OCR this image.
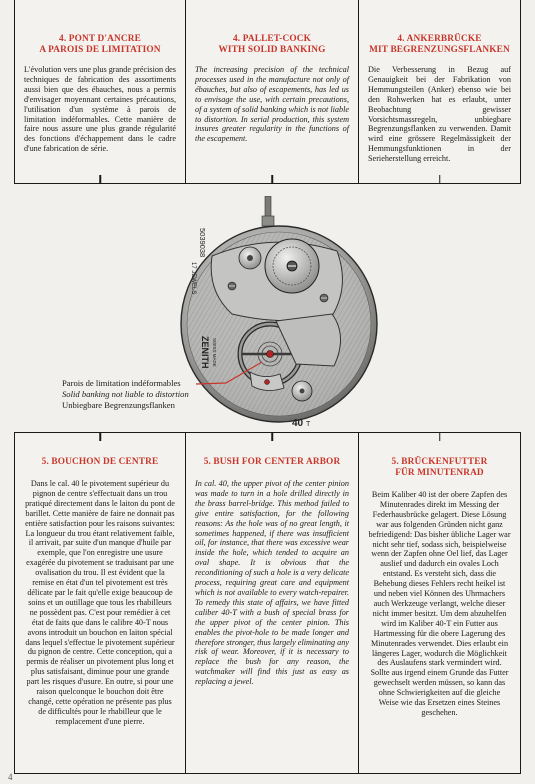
4. PONT D'ANCRE
A PAROIS DE LIMITATION
L'évolution vers une plus grande précision des techniques de fabrication des assortiments aussi bien que des ébauches, nous a permis d'envisager moyennant certaines précautions, l'utilisation d'un système à parois de limitation indéformables. Cette manière de faire nous assure une plus grande régularité des fonctions d'échappement dans le cadre d'une fabrication de série.
4. PALLET-COCK
WITH SOLID BANKING
The increasing precision of the technical processes used in the manufacture not only of ébauches, but also of escapements, has led us to envisage the use, with certain precautions, of a system of solid banking which is not liable to distortion. In serial production, this system insures greater regularity in the functions of the escapement.
4. ANKERBRÜCKE
MIT BEGRENZUNGSFLANKEN
Die Verbesserung in Bezug auf Genauigkeit bei der Fabrikation von Hemmungsteilen (Anker) ebenso wie bei den Rohwerken hat es erlaubt, unter Beobachtung gewisser Vorsichtsmassregeln, unbiegbare Begrenzungsflanken zu verwenden. Damit wird eine grössere Regelmässigkeit der Hemmungsfunktionen in der Serieherstellung erreicht.
ZENITH SWISS MADE
17 JEWELS
5039038
40 T
Parois de limitation indéformables
Solid banking not liable to distortion
Unbiegbare Begrenzungsflanken
5. BOUCHON DE CENTRE
Dans le cal. 40 le pivotement supérieur du pignon de centre s'effectuait dans un trou pratiqué directement dans le laiton du pont de barillet. Cette manière de faire ne donnait pas entière satisfaction pour les raisons suivantes: La longueur du trou étant relativement faible, il arrivait, par suite d'un manque d'huile par exemple, que l'on enregistre une usure exagérée du pivotement se traduisant par une ovalisation du trou. Il est évident que la remise en état d'un tel pivotement est très délicate par le fait qu'elle exige beaucoup de soins et un outillage que tous les rhabilleurs ne possèdent pas. C'est pour remédier à cet état de faits que dans le calibre 40-T nous avons introduit un bouchon en laiton spécial dans lequel s'effectue le pivotement supérieur du pignon de centre. Cette conception, qui a permis de réaliser un pivotement plus long et plus satisfaisant, diminue pour une grande part les risques d'usure. En outre, si pour une raison quelconque le bouchon doit être changé, cette opération ne présente pas plus de difficultés pour le rhabilleur que le remplacement d'une pierre.
5. BUSH FOR CENTER ARBOR
In cal. 40, the upper pivot of the center pinion was made to turn in a hole drilled directly in the brass barrel-bridge. This method failed to give entire satisfaction, for the following reasons: As the hole was of no great length, it sometimes happened, if there was insufficient oil, for instance, that there was excessive wear inside the hole, which tended to acquire an oval shape. It is obvious that the reconditioning of such a hole is a very delicate process, requiring great care and equipment which is not available to every watch-repairer. To remedy this state of affairs, we have fitted caliber 40-T with a bush of special brass for the upper pivot of the center pinion. This enables the pivot-hole to be made longer and therefore stronger, thus largely eliminating any risk of wear. Moreover, if it is necessary to replace the bush for any reason, the watchmaker will find this just as easy as replacing a jewel.
5. BRÜCKENFUTTER
FÜR MINUTENRAD
Beim Kaliber 40 ist der obere Zapfen des Minutenrades direkt im Messing der Federhausbrücke gelagert. Diese Lösung war aus folgenden Gründen nicht ganz befriedigend: Das bisher übliche Lager war nicht sehr tief, sodass sich, beispielweise wenn der Zapfen ohne Oel lief, das Lager auslief und dadurch ein ovales Loch entstand. Es versteht sich, dass die Behebung dieses Fehlers recht heikel ist und neben viel Können des Uhrmachers auch Werkzeuge verlangt, welche dieser nicht immer besitzt. Um dem abzuhelfen wird im Kaliber 40-T ein Futter aus Hartmessing für die obere Lagerung des Minutenrades verwendet. Dies erlaubt ein längeres Lager, wodurch die Möglichkeit des Auslaufens stark vermindert wird. Sollte aus irgend einem Grunde das Futter gewechselt werden müssen, so kann das ohne Schwierigkeiten auf die gleiche Weise wie das Ersetzen eines Steines geschehen.
4
